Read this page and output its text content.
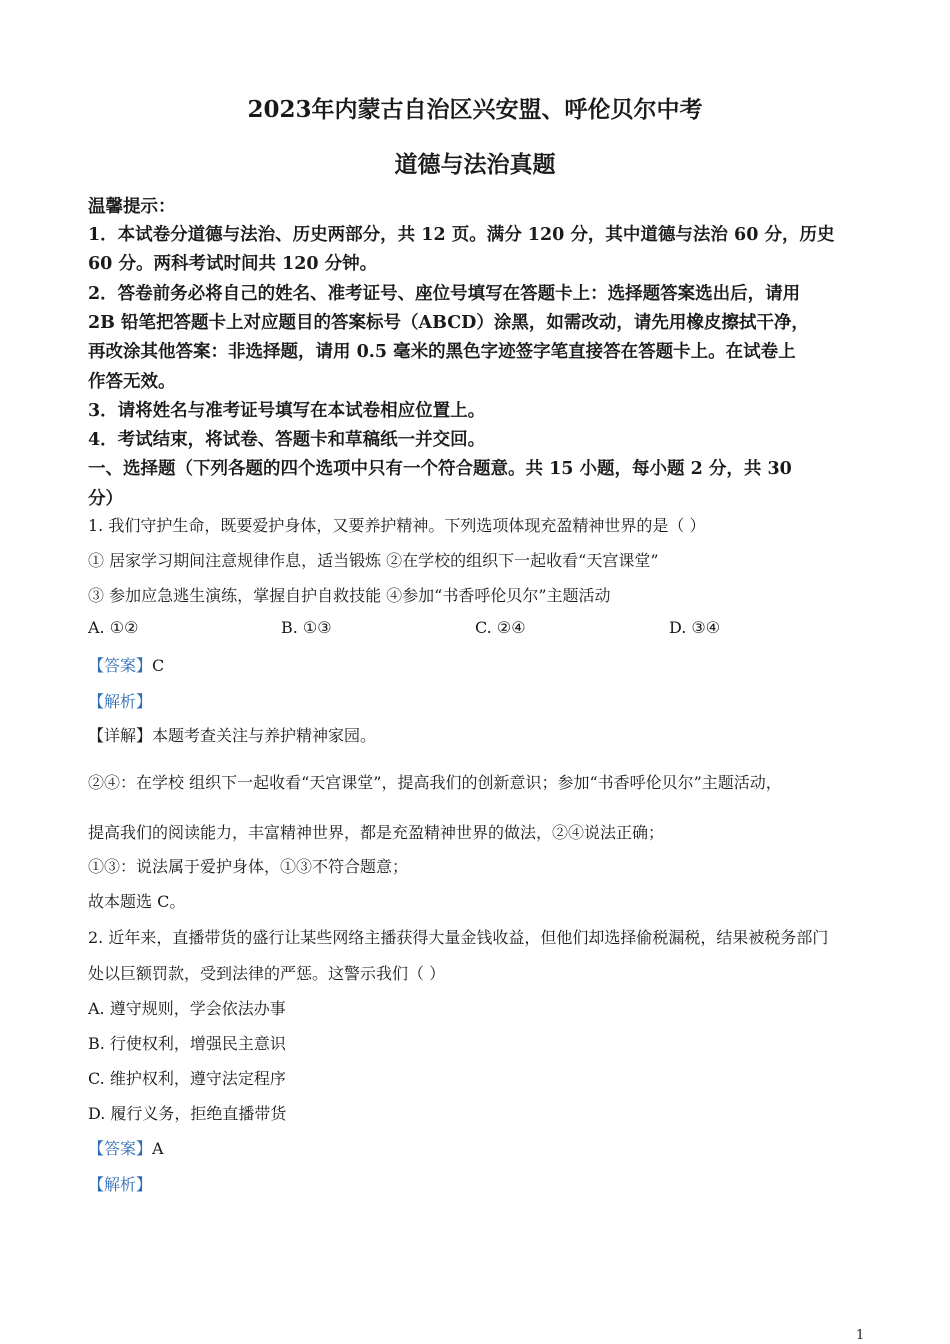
2023年内蒙古自治区兴安盟、呼伦贝尔中考
道德与法治真题
温馨提示：
1．本试卷分道德与法治、历史两部分，共 12 页。满分 120 分，其中道德与法治 60 分，历史
60 分。两科考试时间共 120 分钟。
2．答卷前务必将自己的姓名、准考证号、座位号填写在答题卡上：选择题答案选出后，请用
2B 铅笔把答题卡上对应题目的答案标号（ABCD）涂黑，如需改动，请先用橡皮擦拭干净，
再改涂其他答案：非选择题，请用 0.5 毫米的黑色字迹签字笔直接答在答题卡上。在试卷上
作答无效。
3．请将姓名与准考证号填写在本试卷相应位置上。
4．考试结束，将试卷、答题卡和草稿纸一并交回。
一、选择题（下列各题的四个选项中只有一个符合题意。共 15 小题，每小题 2 分，共 30
分）
1. 我们守护生命，既要爱护身体，又要养护精神。下列选项体现充盈精神世界的是（ ）
① 居家学习期间注意规律作息，适当锻炼 ②在学校的组织下一起收看“天宫课堂”
③ 参加应急逃生演练，掌握自护自救技能 ④参加“书香呼伦贝尔”主题活动
A. ①②	B. ①③	C. ②④	D. ③④
【答案】C
【解析】
【详解】本题考查关注与养护精神家园。
②④：在学校 组织下一起收看“天宫课堂”，提高我们的创新意识；参加“书香呼伦贝尔”主题活动，
提高我们的阅读能力，丰富精神世界，都是充盈精神世界的做法，②④说法正确；
①③：说法属于爱护身体，①③不符合题意；
故本题选 C。
2. 近年来，直播带货的盛行让某些网络主播获得大量金钱收益，但他们却选择偷税漏税，结果被税务部门
处以巨额罚款，受到法律的严惩。这警示我们（ ）
A. 遵守规则，学会依法办事
B. 行使权利，增强民主意识
C. 维护权利，遵守法定程序
D. 履行义务，拒绝直播带货
【答案】A
【解析】
1
